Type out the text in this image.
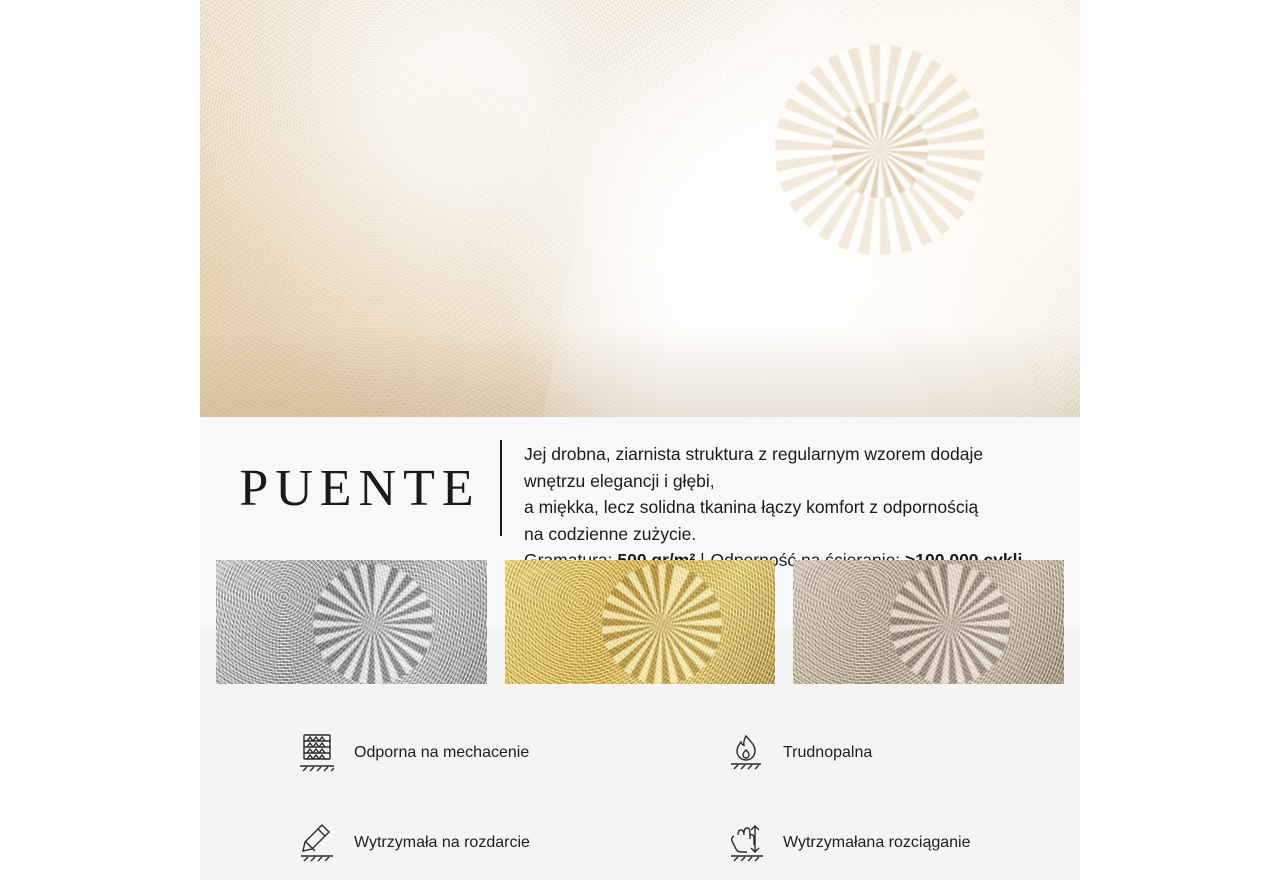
PUENTE

Jej drobna, ziarnista struktura z regularnym wzorem dodaje

wnętrzu elegancji i głębi,

a miękka, lecz solidna tkanina łączy komfort z odpornością

na codzienne zużycie.

Odporna na mechacenie	Trudnopalna
Wytrzymała na rozdarcie	Wytrzymałana rozciąganie
